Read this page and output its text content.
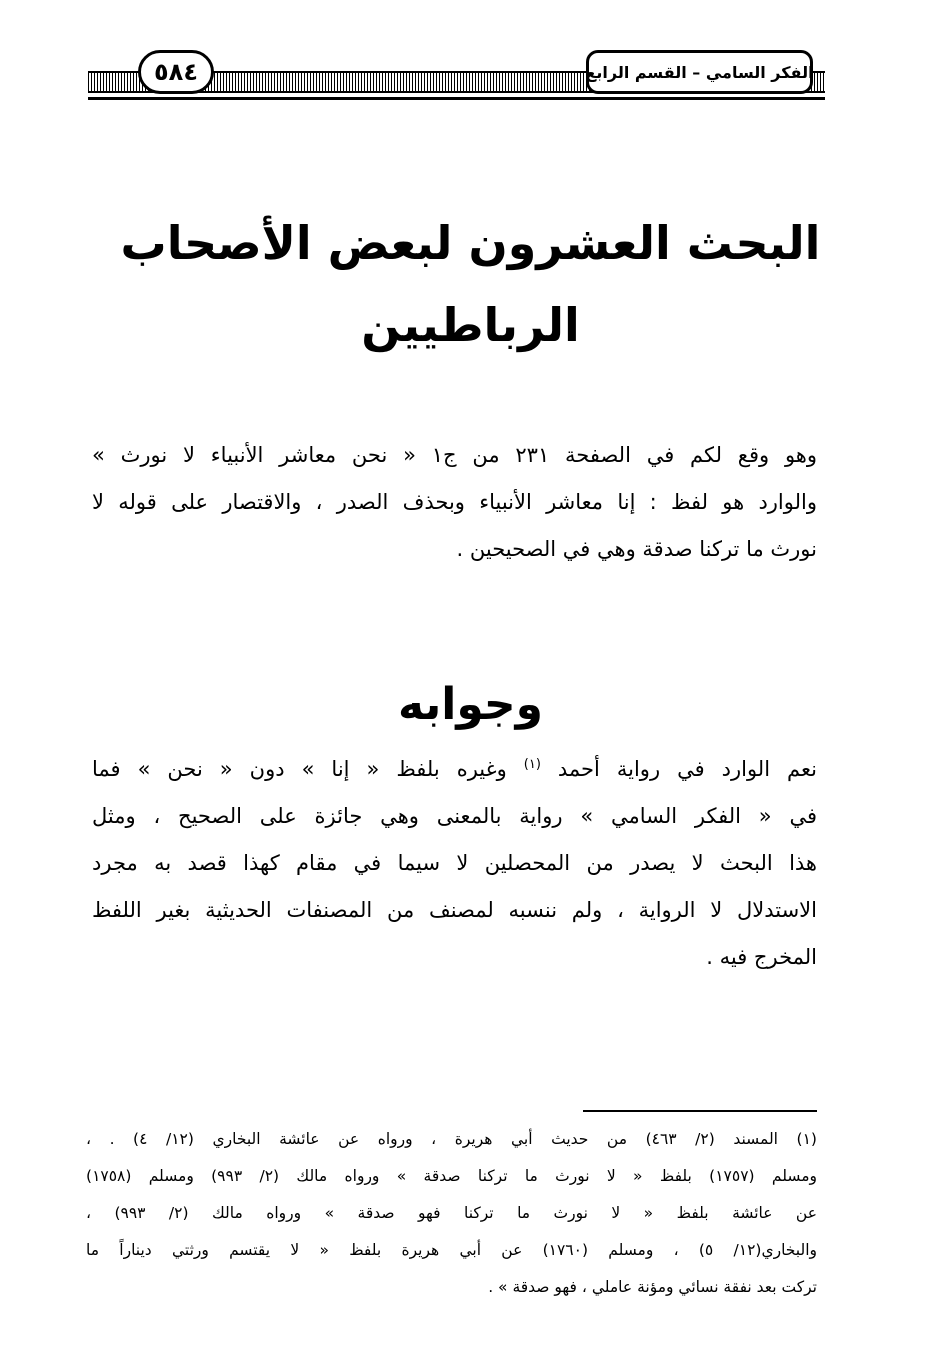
٥٨٤	الفكر السامي – القسم الرابع
البحث العشرون لبعض الأصحاب
الرباطيين
وهو وقع لكم في الصفحة ٢٣١ من ج١ « نحن معاشر الأنبياء لا نورث »
والوارد هو لفظ : إنا معاشر الأنبياء وبحذف الصدر ، والاقتصار على قوله لا
نورث ما تركنا صدقة وهي في الصحيحين .
وجوابه
نعم الوارد في رواية أحمد $^{(١)}$ وغيره بلفظ « إنا » دون « نحن » فما
في « الفكر السامي » رواية بالمعنى وهي جائزة على الصحيح ، ومثل
هذا البحث لا يصدر من المحصلين لا سيما في مقام كهذا قصد به مجرد
الاستدلال لا الرواية ، ولم ننسبه لمصنف من المصنفات الحديثية بغير اللفظ
المخرج فيه .
(١) المسند (٢/ ٤٦٣) من حديث أبي هريرة ، ورواه عن عائشة البخاري (١٢/ ٤) . ،
ومسلم (١٧٥٧) بلفظ « لا نورث ما تركنا صدقة » ورواه مالك (٢/ ٩٩٣) ومسلم (١٧٥٨)
عن عائشة بلفظ « لا نورث ما تركنا فهو صدقة » ورواه مالك (٢/ ٩٩٣) ،
والبخاري(١٢/ ٥) ، ومسلم (١٧٦٠) عن أبي هريرة بلفظ « لا يقتسم ورثتي ديناراً ما
تركت بعد نفقة نسائي ومؤنة عاملي ، فهو صدقة » .
